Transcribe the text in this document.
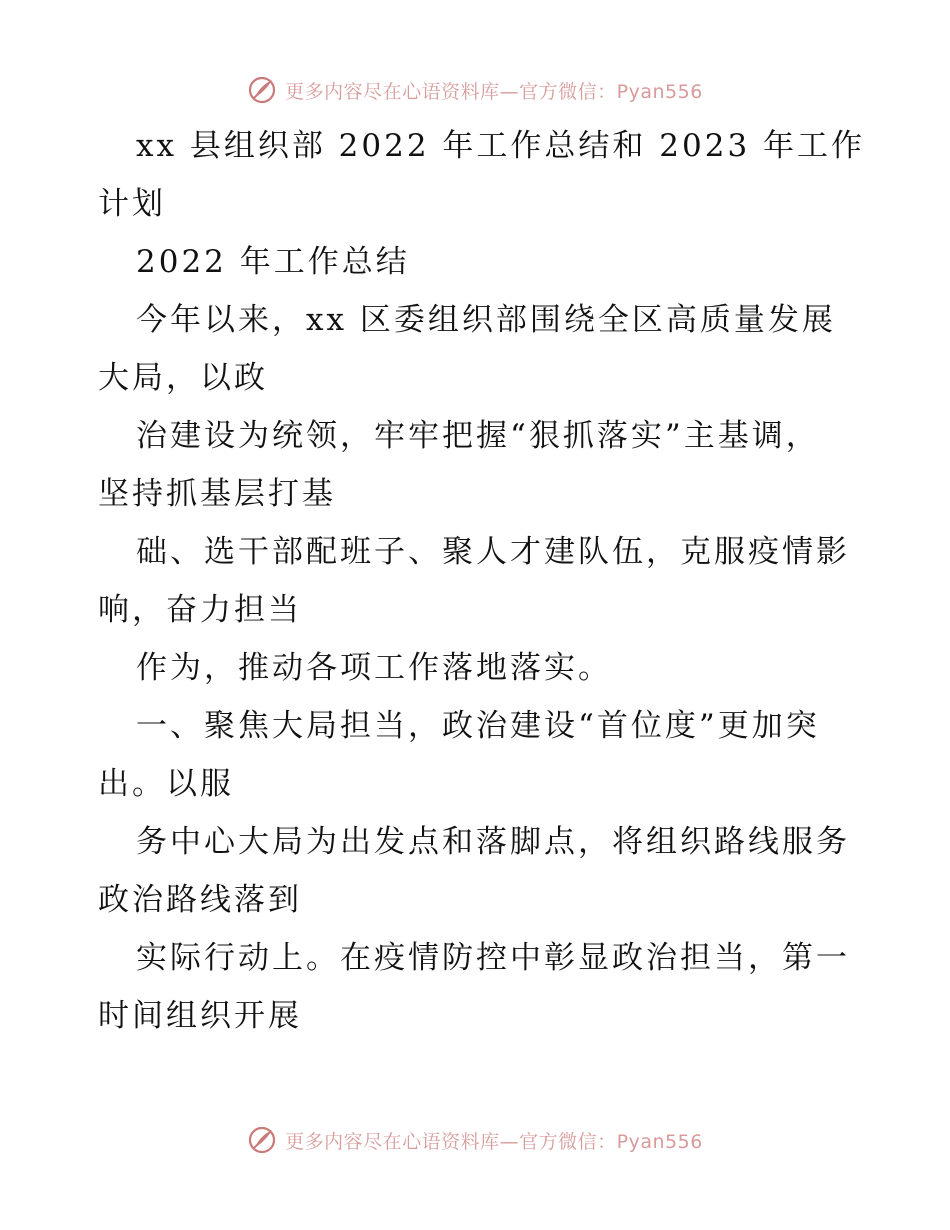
更多内容尽在心语资料库—官方微信：Pyan556
xx 县组织部 2022 年工作总结和 2023 年工作
计划
2022 年工作总结
今年以来，xx 区委组织部围绕全区高质量发展
大局，以政
治建设为统领，牢牢把握“狠抓落实”主基调，
坚持抓基层打基
础、选干部配班子、聚人才建队伍，克服疫情影
响，奋力担当
作为，推动各项工作落地落实。
一、聚焦大局担当，政治建设“首位度”更加突
出。以服
务中心大局为出发点和落脚点，将组织路线服务
政治路线落到
实际行动上。在疫情防控中彰显政治担当，第一
时间组织开展
更多内容尽在心语资料库—官方微信：Pyan556
